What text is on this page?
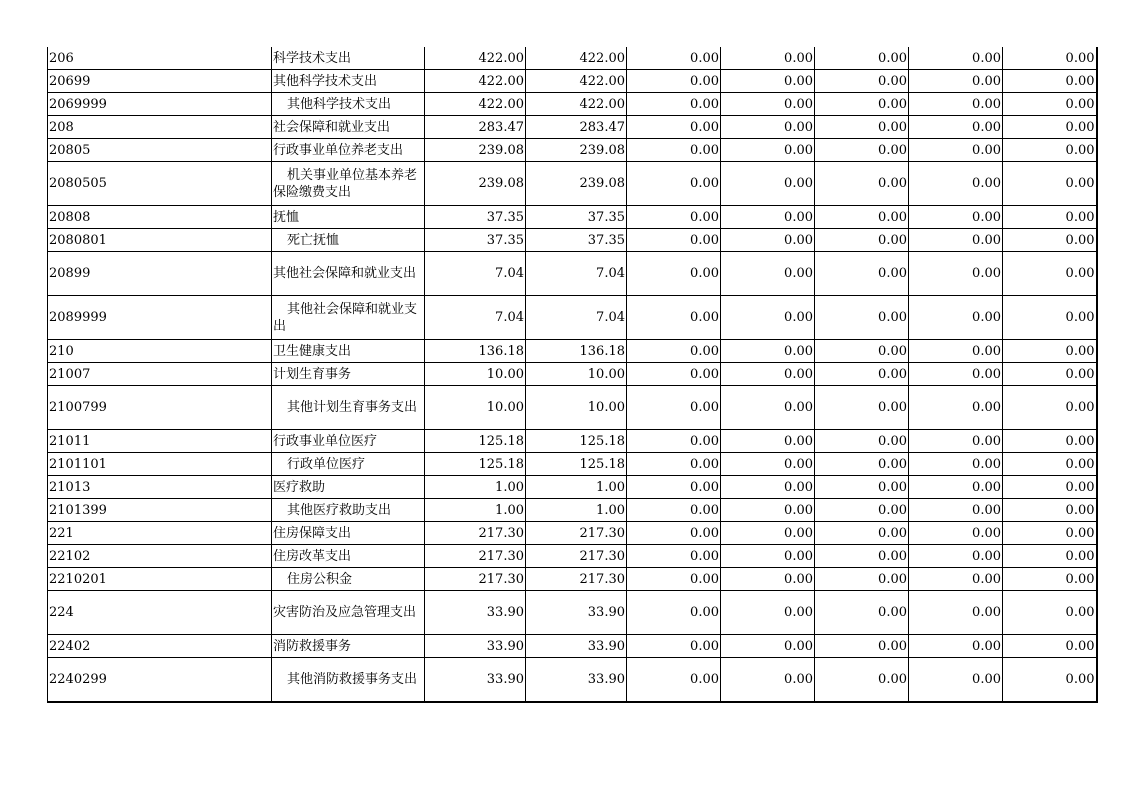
206	科学技术支出	422.00	422.00	0.00	0.00	0.00	0.00	0.00
20699	其他科学技术支出	422.00	422.00	0.00	0.00	0.00	0.00	0.00
2069999	其他科学技术支出	422.00	422.00	0.00	0.00	0.00	0.00	0.00
208	社会保障和就业支出	283.47	283.47	0.00	0.00	0.00	0.00	0.00
20805	行政事业单位养老支出	239.08	239.08	0.00	0.00	0.00	0.00	0.00
2080505	机关事业单位基本养老保险缴费支出	239.08	239.08	0.00	0.00	0.00	0.00	0.00
20808	抚恤	37.35	37.35	0.00	0.00	0.00	0.00	0.00
2080801	死亡抚恤	37.35	37.35	0.00	0.00	0.00	0.00	0.00
20899	其他社会保障和就业支出	7.04	7.04	0.00	0.00	0.00	0.00	0.00
2089999	其他社会保障和就业支出	7.04	7.04	0.00	0.00	0.00	0.00	0.00
210	卫生健康支出	136.18	136.18	0.00	0.00	0.00	0.00	0.00
21007	计划生育事务	10.00	10.00	0.00	0.00	0.00	0.00	0.00
2100799	其他计划生育事务支出	10.00	10.00	0.00	0.00	0.00	0.00	0.00
21011	行政事业单位医疗	125.18	125.18	0.00	0.00	0.00	0.00	0.00
2101101	行政单位医疗	125.18	125.18	0.00	0.00	0.00	0.00	0.00
21013	医疗救助	1.00	1.00	0.00	0.00	0.00	0.00	0.00
2101399	其他医疗救助支出	1.00	1.00	0.00	0.00	0.00	0.00	0.00
221	住房保障支出	217.30	217.30	0.00	0.00	0.00	0.00	0.00
22102	住房改革支出	217.30	217.30	0.00	0.00	0.00	0.00	0.00
2210201	住房公积金	217.30	217.30	0.00	0.00	0.00	0.00	0.00
224	灾害防治及应急管理支出	33.90	33.90	0.00	0.00	0.00	0.00	0.00
22402	消防救援事务	33.90	33.90	0.00	0.00	0.00	0.00	0.00
2240299	其他消防救援事务支出	33.90	33.90	0.00	0.00	0.00	0.00	0.00
